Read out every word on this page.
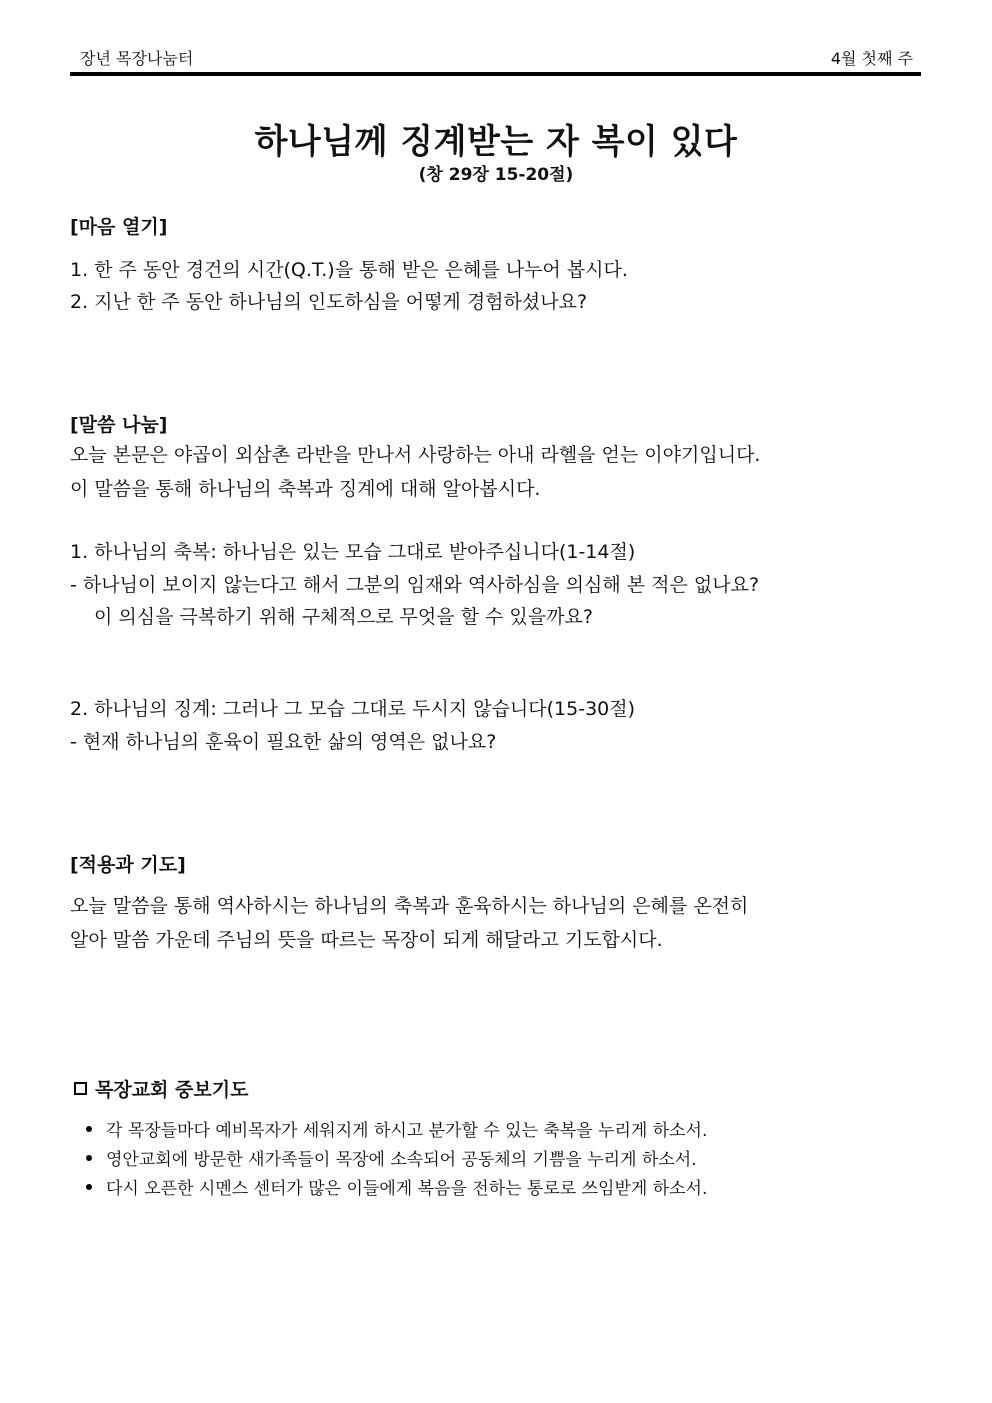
장년 목장나눔터	4월 첫째 주
하나님께 징계받는 자 복이 있다
(창 29장 15-20절)
[마음 열기]
1. 한 주 동안 경건의 시간(Q.T.)을 통해 받은 은혜를 나누어 봅시다.
2. 지난 한 주 동안 하나님의 인도하심을 어떻게 경험하셨나요?
[말씀 나눔]
오늘 본문은 야곱이 외삼촌 라반을 만나서 사랑하는 아내 라헬을 얻는 이야기입니다.
이 말씀을 통해 하나님의 축복과 징계에 대해 알아봅시다.
1. 하나님의 축복: 하나님은 있는 모습 그대로 받아주십니다(1-14절)
- 하나님이 보이지 않는다고 해서 그분의 임재와 역사하심을 의심해 본 적은 없나요?
이 의심을 극복하기 위해 구체적으로 무엇을 할 수 있을까요?
2. 하나님의 징계: 그러나 그 모습 그대로 두시지 않습니다(15-30절)
- 현재 하나님의 훈육이 필요한 삶의 영역은 없나요?
[적용과 기도]
오늘 말씀을 통해 역사하시는 하나님의 축복과 훈육하시는 하나님의 은혜를 온전히
알아 말씀 가운데 주님의 뜻을 따르는 목장이 되게 해달라고 기도합시다.
목장교회 중보기도
각 목장들마다 예비목자가 세워지게 하시고 분가할 수 있는 축복을 누리게 하소서.
영안교회에 방문한 새가족들이 목장에 소속되어 공동체의 기쁨을 누리게 하소서.
다시 오픈한 시멘스 센터가 많은 이들에게 복음을 전하는 통로로 쓰임받게 하소서.
